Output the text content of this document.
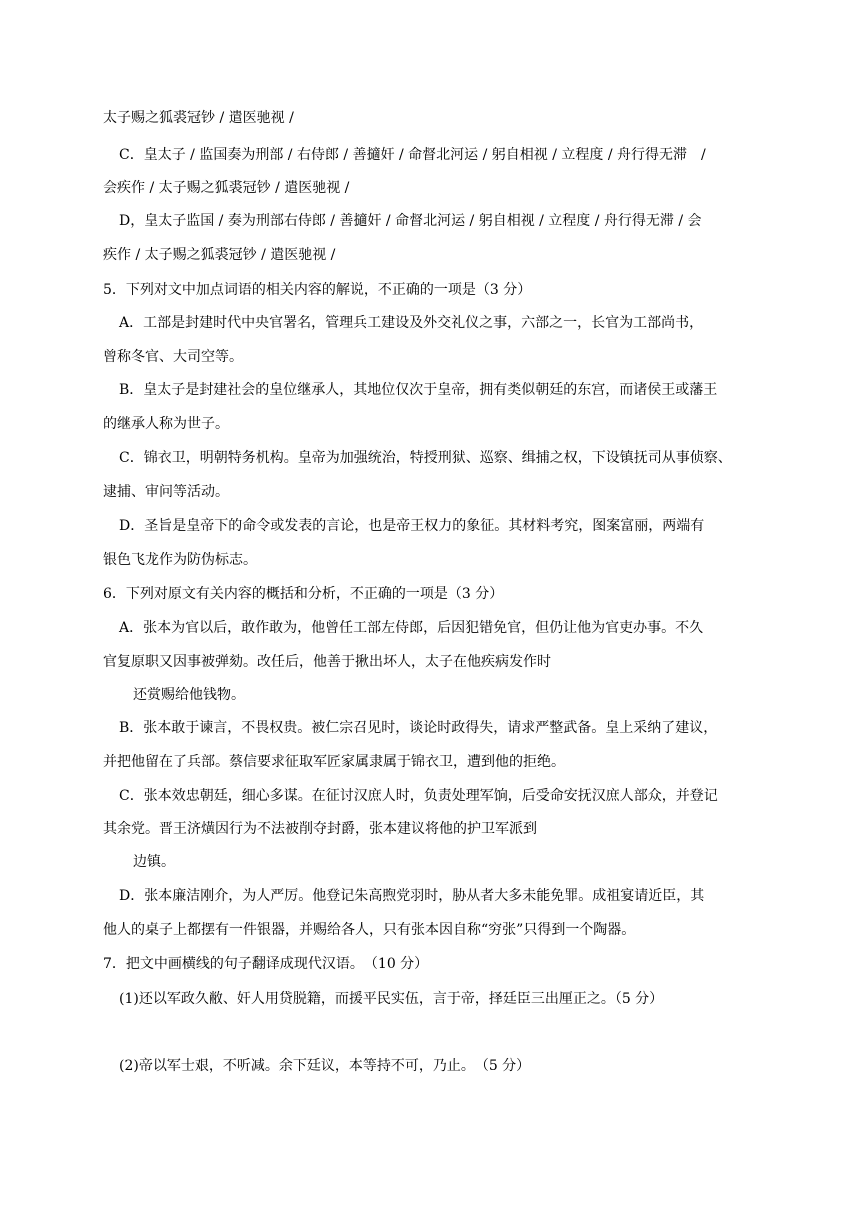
太子赐之狐裘冠钞 / 遣医驰视 /
C．皇太子 / 监国奏为刑部 / 右侍郎 / 善擿奸 / 命督北河运 / 躬自相视 / 立程度 / 舟行得无滞　/
会疾作 / 太子赐之狐裘冠钞 / 遣医驰视 /
D，皇太子监国 / 奏为刑部右侍郎 / 善擿奸 / 命督北河运 / 躬自相视 / 立程度 / 舟行得无滞 / 会
疾作 / 太子赐之狐裘冠钞 / 遣医驰视 /
5．下列对文中加点词语的相关内容的解说，不正确的一项是（3 分）
A．工部是封建时代中央官署名，管理兵工建设及外交礼仪之事，六部之一，长官为工部尚书，
曾称冬官、大司空等。
B．皇太子是封建社会的皇位继承人，其地位仅次于皇帝，拥有类似朝廷的东宫，而诸侯王或藩王
的继承人称为世子。
C．锦衣卫，明朝特务机构。皇帝为加强统治，特授刑狱、巡察、缉捕之权，下设镇抚司从事侦察、
逮捕、审问等活动。
D．圣旨是皇帝下的命令或发表的言论，也是帝王权力的象征。其材料考究，图案富丽，两端有
银色飞龙作为防伪标志。
6．下列对原文有关内容的概括和分析，不正确的一项是（3 分）
A．张本为官以后，敢作敢为，他曾任工部左侍郎，后因犯错免官，但仍让他为官吏办事。不久
官复原职又因事被弹劾。改任后，他善于揪出坏人，太子在他疾病发作时
还赏赐给他钱物。
B．张本敢于谏言，不畏权贵。被仁宗召见时，谈论时政得失，请求严整武备。皇上采纳了建议，
并把他留在了兵部。蔡信要求征取军匠家属隶属于锦衣卫，遭到他的拒绝。
C．张本效忠朝廷，细心多谋。在征讨汉庶人时，负责处理军饷，后受命安抚汉庶人部众，并登记
其余党。晋王济熿因行为不法被削夺封爵，张本建议将他的护卫军派到
边镇。
D．张本廉洁刚介，为人严厉。他登记朱高煦党羽时，胁从者大多未能免罪。成祖宴请近臣，其
他人的桌子上都摆有一件银器，并赐给各人，只有张本因自称“穷张”只得到一个陶器。
7．把文中画横线的句子翻译成现代汉语。　（10 分）
(1)还以军政久敝、奸人用贷脱籍，而援平民实伍，言于帝，择廷臣三出厘正之。（5 分）
(2)帝以军士艰，不听减。余下廷议，本等持不可，乃止。　（5 分）
